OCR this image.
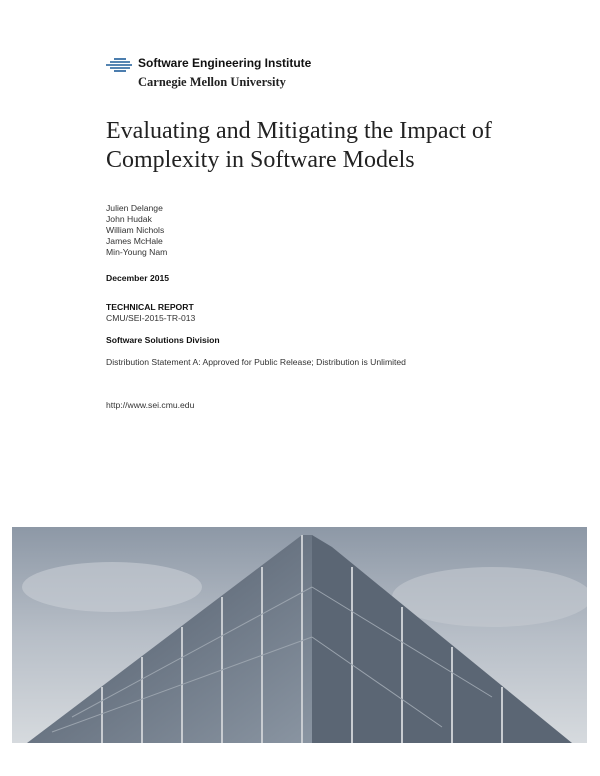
Software Engineering Institute
Carnegie Mellon University
Evaluating and Mitigating the Impact of Complexity in Software Models
Julien Delange
John Hudak
William Nichols
James McHale
Min-Young Nam
December 2015
TECHNICAL REPORT
CMU/SEI-2015-TR-013
Software Solutions Division
Distribution Statement A: Approved for Public Release; Distribution is Unlimited
http://www.sei.cmu.edu
